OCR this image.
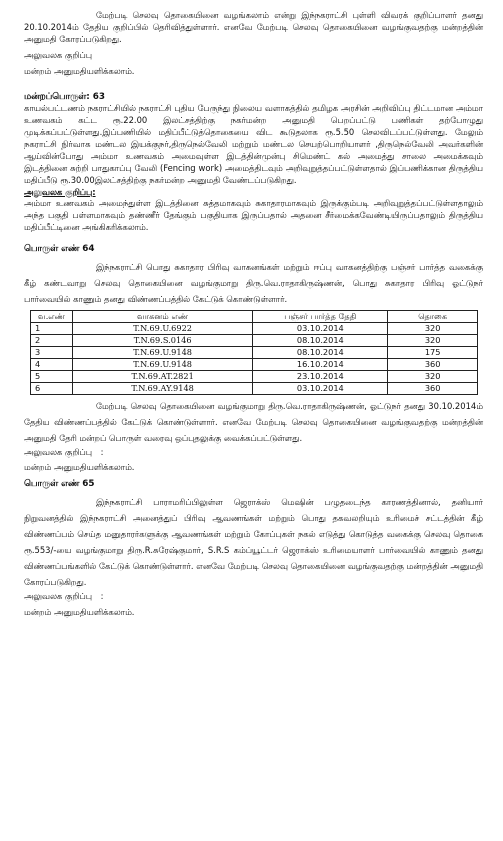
மேற்படி செலவு தொகையினை வழங்கலாம் என்று இந்நகராட்சி புள்ளி விவரக் குறிப்பாளர் தனது 20.10.2014ம் தேதிய குறிப்பில் தெரிவித்துள்ளார். எனவே மேற்படி செலவு தொகையினை வழங்குவதற்கு மன்றத்தின் அனுமதி கோரப்படுகிறது.

அலுவலக குறிப்பு

மன்றம் அனுமதியளிக்கலாம்.

மன்றப்பொருள்: 63

காயல்பட்டணம் நகராட்சியில் நகராட்சி புதிய பேருந்து நிலைய வளாகத்தில் தமிழக அரசின் அறிவிப்பு திட்டமான அம்மா உணவகம் கட்ட ரூ.22.00 இலட்சத்திற்கு நகர்மன்ற அனுமதி பெறப்பட்டு பணிகள் தற்போழுது முடிக்கப்பட்டுள்ளது.இப்பணியில் மதிப்பீட்டுத்தொகையை விட கூடுதலாக ரூ.5.50 செலவிடப்பட்டுள்ளது. மேலும் நகராட்சி நிர்வாக மண்டல இயக்குநர்,திருநெல்வேலி மற்றும் மண்டல செயற்பொறியாளர் ,திருநெல்வேலி அவர்களின் ஆய்வின்போது அம்மா உணவகம் அமைவுள்ள இடத்தின்முன்பு சிமெண்ட் கல் அமைத்து சாலை அமைக்கவும் இடத்தினை சுற்றி பாதுகாப்பு வேலி (Fencing work) அமைத்திடவும் அறிவுறுத்தப்பட்டுள்ளதால் இப்பணிக்கான திருத்திய மதிப்பீடு ரூ.30.00இலட்சத்திற்கு நகர்மன்ற அனுமதி வேண்டப்படுகிறது.

அலுவலக குறிப்பு:

அம்மா உணவகம் அமைந்துள்ள இடத்தினை சுத்தமாகவும் சுகாதாரமாகவும் இருக்கும்படி அறிவுறுத்தப்பட்டுள்ளதாலும் அந்த பகுதி பள்ளமாகவும் தண்ணீர் தேங்கும் பகுதியாக இருப்பதால் அதனை சீர்மைக்கவேண்டியிருப்பதாலும் திருத்திய மதிப்பீட்டினை அங்கிகரிக்கலாம்.

பொருள் எண் 64

இந்நகராட்சி பொது சுகாதார பிரிவு வாகனங்கள் மற்றும் ஈப்பு வாகனத்திற்கு பஞ்சர் பார்த்த வகைக்கு கீழ் கண்டவாறு செலவு தொகையினை வழங்குமாறு திரு.வெ.ராதாகிருஷ்ணன், பொது சுகாதார பிரிவு ஓட்டுநர் பார்வையில் காணும் தனது விண்ணப்பத்தில் கேட்டுக் கொண்டுள்ளார்.

வ.எண்	வாகனம் எண்	பஞ்சர் பார்த்த தேதி	தொகை
1	T.N.69.U.6922	03.10.2014	320
2	T.N.69.S.0146	08.10.2014	320
3	T.N.69.U.9148	08.10.2014	175
4	T.N.69.U.9148	16.10.2014	360
5	T.N.69.AT.2821	23.10.2014	320
6	T.N.69.AY.9148	03.10.2014	360

மேற்படி செலவு தொகையினை வழங்குமாறு திரு.வெ.ராதாகிருஷ்ணன், ஓட்டுநர் தனது 30.10.2014ம் தேதிய விண்ணப்பத்தில் கேட்டுக் கொண்டுள்ளார். எனவே மேற்படி செலவு தொகையினை வழங்குவதற்கு மன்றத்தின் அனுமதி தேரி மன்றப் பொருள் வரைவு ஒப்புதலுக்கு வைக்கப்பட்டுள்ளது.

அலுவலக குறிப்பு :

மன்றம் அனுமதியளிக்கலாம்.

பொருள் எண் 65

இந்நகராட்சி பாராமரிப்பிலுள்ள ஜெராக்ஸ் மெஷின் பழுதடைந்த காரணத்தினால், தனியார் நிறுவனத்தில் இந்நகராட்சி அனைத்துப் பிரிவு ஆவணங்கள் மற்றும் பொது தகவலறியும் உரிமைச் சட்டத்தின் கீழ் விண்ணப்பம் செய்த மனுதாரர்களுக்கு ஆவணங்கள் மற்றும் கோப்புகள் நகல் எடுத்து கொடுத்த வகைக்கு செலவு தொகை ரூ.553/-யை வழங்குமாறு திரு.R.சுரேஷ்குமார், S.R.S கம்ப்யூட்டர் ஜெராக்ஸ் உரிமையாளர் பார்வையில் காணும் தனது விண்ணப்பங்களில் கேட்டுக் கொண்டுள்ளார். எனவே மேற்படி செலவு தொகையினை வழங்குவதற்கு மன்றத்தின் அனுமதி கோரப்படுகிறது.

அலுவலக குறிப்பு :

மன்றம் அனுமதியளிக்கலாம்.
